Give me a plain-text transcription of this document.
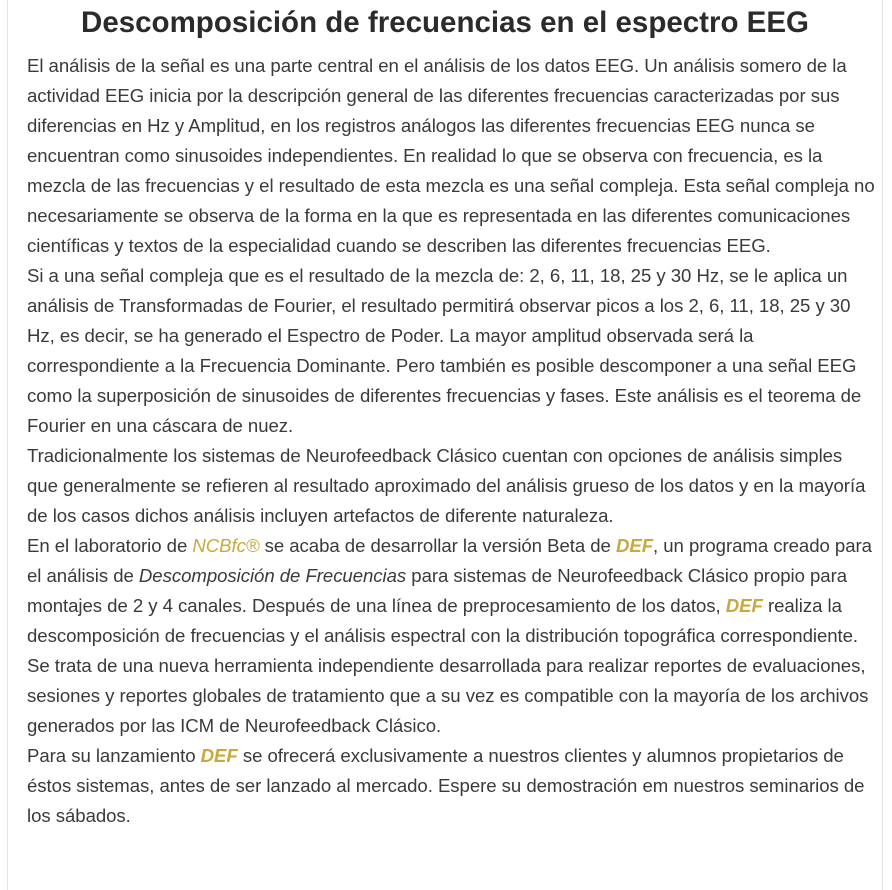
Descomposición de frecuencias en el espectro EEG

El análisis de la señal es una parte central en el análisis de los datos EEG. Un análisis somero de la actividad EEG inicia por la descripción general de las diferentes frecuencias caracterizadas por sus diferencias en Hz y Amplitud, en los registros análogos las diferentes frecuencias EEG nunca se encuentran como sinusoides independientes. En realidad lo que se observa con frecuencia, es la mezcla de las frecuencias y el resultado de esta mezcla es una señal compleja. Esta señal compleja no necesariamente se observa de la forma en la que es representada en las diferentes comunicaciones científicas y textos de la especialidad cuando se describen las diferentes frecuencias EEG.

Si a una señal compleja que es el resultado de la mezcla de: 2, 6, 11, 18, 25 y 30 Hz, se le aplica un análisis de Transformadas de Fourier, el resultado permitirá observar picos a los 2, 6, 11, 18, 25 y 30 Hz, es decir, se ha generado el Espectro de Poder. La mayor amplitud observada será la correspondiente a la Frecuencia Dominante. Pero también es posible descomponer a una señal EEG como la superposición de sinusoides de diferentes frecuencias y fases. Este análisis es el teorema de Fourier en una cáscara de nuez.

Tradicionalmente los sistemas de Neurofeedback Clásico cuentan con opciones de análisis simples que generalmente se refieren al resultado aproximado del análisis grueso de los datos y en la mayoría de los casos dichos análisis incluyen artefactos de diferente naturaleza.

En el laboratorio de NCBfc® se acaba de desarrollar la versión Beta de DEF, un programa creado para el análisis de Descomposición de Frecuencias para sistemas de Neurofeedback Clásico propio para montajes de 2 y 4 canales. Después de una línea de preprocesamiento de los datos, DEF realiza la descomposición de frecuencias y el análisis espectral con la distribución topográfica correspondiente.

Se trata de una nueva herramienta independiente desarrollada para realizar reportes de evaluaciones, sesiones y reportes globales de tratamiento que a su vez es compatible con la mayoría de los archivos generados por las ICM de Neurofeedback Clásico.

Para su lanzamiento DEF se ofrecerá exclusivamente a nuestros clientes y alumnos propietarios de éstos sistemas, antes de ser lanzado al mercado. Espere su demostración em nuestros seminarios de los sábados.
